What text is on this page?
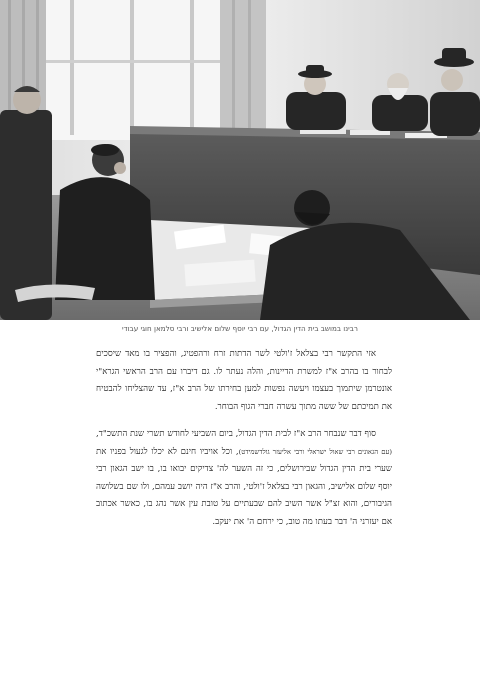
רבינו במושב בית הדין הגדול, עם רבי יוסף שלום אלישיב ורבי סלמאן חוגי עבודי

אזי התקשר רבי בצלאל ז'ולטי לשר הדתות זרח ורהפטיג, והפציר בו מאד שיסכים לבחור בו בהרב א"ז למשרת הדיינות, והלה נעתר לו. גם דיברו עם הרב הראשי הגרא"י אונטרמן שיתמוך בעצמו ויעשה נפשות למען בחירתו של הרב א"ז, עד שהצליחו להבטיח את תמיכתם של ששה מתוך עשרה חברי הגוף הבוחר.

סוף דבר שנבחר הרב א"ז לבית הדין הגדול, ביום השביעי לחודש תשרי שנת התשכ"ד, (עם הגאונים רבי שאול ישראלי ורבי אליעזר גולדשמידט), וכל אויביו חינם לא יכלו לגעול בפניו את שערי בית הדין הגדול שבירושלים, כי זה השער לה' צדיקים יבואו בו, בו ישב הגאון רבי יוסף שלום אלישיב, והגאון רבי בצלאל ז'ולטי, והרב א"ז היה יושב עמהם, ולו שם בשלושה הגיבורים, והוא זצ"ל אשר השיב להם שבעתיים על טובת עין אשר נהג בו, כאשר אכתוב אם יעזרני ה' דבר בעתו מה טוב, כי ירחם ה' את יעקב.
